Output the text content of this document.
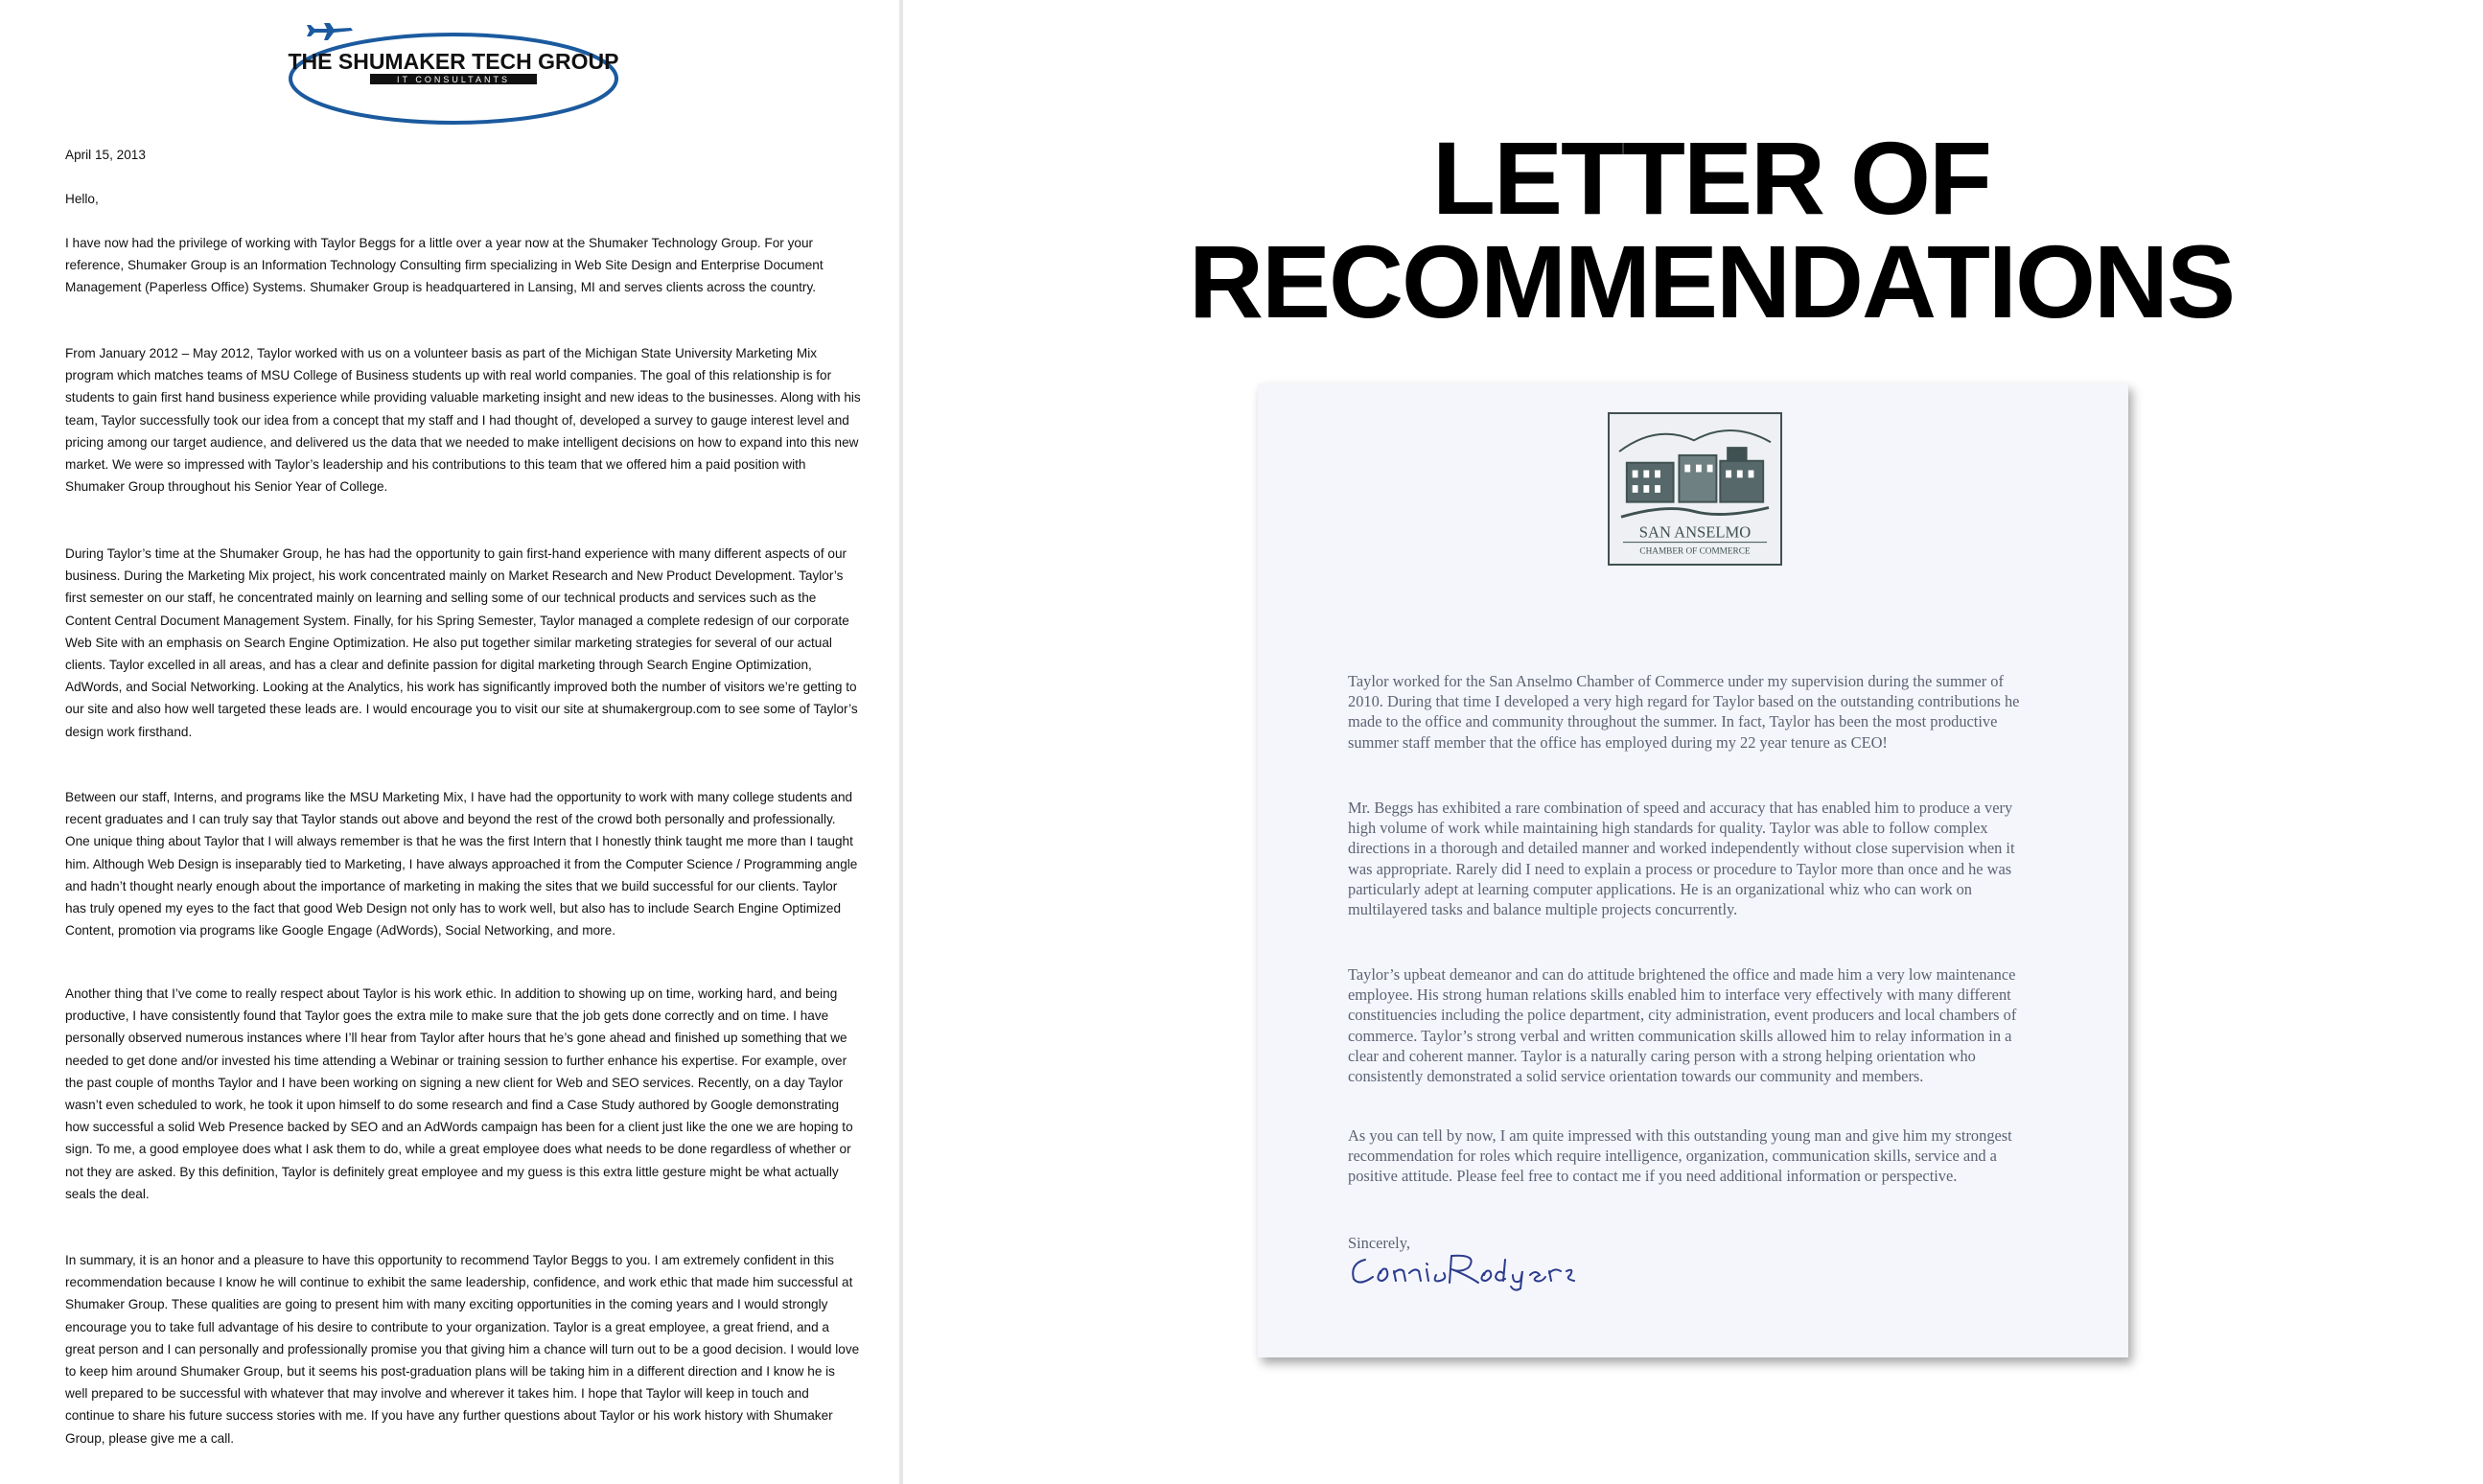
THE SHUMAKER TECH GROUP
IT CONSULTANTS

April 15, 2013

Hello,

I have now had the privilege of working with Taylor Beggs for a little over a year now at the Shumaker Technology Group. For your reference, Shumaker Group is an Information Technology Consulting firm specializing in Web Site Design and Enterprise Document Management (Paperless Office) Systems. Shumaker Group is headquartered in Lansing, MI and serves clients across the country.

From January 2012 – May 2012, Taylor worked with us on a volunteer basis as part of the Michigan State University Marketing Mix program which matches teams of MSU College of Business students up with real world companies. The goal of this relationship is for students to gain first hand business experience while providing valuable marketing insight and new ideas to the businesses. Along with his team, Taylor successfully took our idea from a concept that my staff and I had thought of, developed a survey to gauge interest level and pricing among our target audience, and delivered us the data that we needed to make intelligent decisions on how to expand into this new market. We were so impressed with Taylor’s leadership and his contributions to this team that we offered him a paid position with Shumaker Group throughout his Senior Year of College.

During Taylor’s time at the Shumaker Group, he has had the opportunity to gain first-hand experience with many different aspects of our business. During the Marketing Mix project, his work concentrated mainly on Market Research and New Product Development. Taylor’s first semester on our staff, he concentrated mainly on learning and selling some of our technical products and services such as the Content Central Document Management System. Finally, for his Spring Semester, Taylor managed a complete redesign of our corporate Web Site with an emphasis on Search Engine Optimization. He also put together similar marketing strategies for several of our actual clients. Taylor excelled in all areas, and has a clear and definite passion for digital marketing through Search Engine Optimization, AdWords, and Social Networking. Looking at the Analytics, his work has significantly improved both the number of visitors we’re getting to our site and also how well targeted these leads are. I would encourage you to visit our site at shumakergroup.com to see some of Taylor’s design work firsthand.

Between our staff, Interns, and programs like the MSU Marketing Mix, I have had the opportunity to work with many college students and recent graduates and I can truly say that Taylor stands out above and beyond the rest of the crowd both personally and professionally. One unique thing about Taylor that I will always remember is that he was the first Intern that I honestly think taught me more than I taught him. Although Web Design is inseparably tied to Marketing, I have always approached it from the Computer Science / Programming angle and hadn’t thought nearly enough about the importance of marketing in making the sites that we build successful for our clients. Taylor has truly opened my eyes to the fact that good Web Design not only has to work well, but also has to include Search Engine Optimized Content, promotion via programs like Google Engage (AdWords), Social Networking, and more.

Another thing that I’ve come to really respect about Taylor is his work ethic. In addition to showing up on time, working hard, and being productive, I have consistently found that Taylor goes the extra mile to make sure that the job gets done correctly and on time. I have personally observed numerous instances where I’ll hear from Taylor after hours that he’s gone ahead and finished up something that we needed to get done and/or invested his time attending a Webinar or training session to further enhance his expertise. For example, over the past couple of months Taylor and I have been working on signing a new client for Web and SEO services. Recently, on a day Taylor wasn’t even scheduled to work, he took it upon himself to do some research and find a Case Study authored by Google demonstrating how successful a solid Web Presence backed by SEO and an AdWords campaign has been for a client just like the one we are hoping to sign. To me, a good employee does what I ask them to do, while a great employee does what needs to be done regardless of whether or not they are asked. By this definition, Taylor is definitely great employee and my guess is this extra little gesture might be what actually seals the deal.

In summary, it is an honor and a pleasure to have this opportunity to recommend Taylor Beggs to you. I am extremely confident in this recommendation because I know he will continue to exhibit the same leadership, confidence, and work ethic that made him successful at Shumaker Group. These qualities are going to present him with many exciting opportunities in the coming years and I would strongly encourage you to take full advantage of his desire to contribute to your organization. Taylor is a great employee, a great friend, and a great person and I can personally and professionally promise you that giving him a chance will turn out to be a good decision. I would love to keep him around Shumaker Group, but it seems his post-graduation plans will be taking him in a different direction and I know he is well prepared to be successful with whatever that may involve and wherever it takes him. I hope that Taylor will keep in touch and continue to share his future success stories with me. If you have any further questions about Taylor or his work history with Shumaker Group, please give me a call.

LETTER OF RECOMMENDATIONS
SAN ANSELMO
CHAMBER OF COMMERCE

Taylor worked for the San Anselmo Chamber of Commerce under my supervision during the summer of 2010. During that time I developed a very high regard for Taylor based on the outstanding contributions he made to the office and community throughout the summer. In fact, Taylor has been the most productive summer staff member that the office has employed during my 22 year tenure as CEO!

Mr. Beggs has exhibited a rare combination of speed and accuracy that has enabled him to produce a very high volume of work while maintaining high standards for quality. Taylor was able to follow complex directions in a thorough and detailed manner and worked independently without close supervision when it was appropriate. Rarely did I need to explain a process or procedure to Taylor more than once and he was particularly adept at learning computer applications. He is an organizational whiz who can work on multilayered tasks and balance multiple projects concurrently.

Taylor’s upbeat demeanor and can do attitude brightened the office and made him a very low maintenance employee. His strong human relations skills enabled him to interface very effectively with many different constituencies including the police department, city administration, event producers and local chambers of commerce. Taylor’s strong verbal and written communication skills allowed him to relay information in a clear and coherent manner. Taylor is a naturally caring person with a strong helping orientation who consistently demonstrated a solid service orientation towards our community and members.

As you can tell by now, I am quite impressed with this outstanding young man and give him my strongest recommendation for roles which require intelligence, organization, communication skills, service and a positive attitude. Please feel free to contact me if you need additional information or perspective.

Sincerely,
